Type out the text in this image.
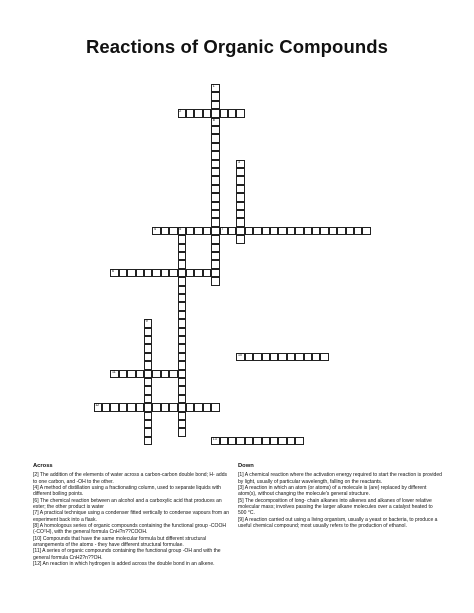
Reactions of Organic Compounds
1
8
2
3
4	5	7
6
9
10
11
12
13
Across

[2] The addition of the elements of water across a carbon-carbon double bond; H- adds to one carbon, and -OH to the other.

[4] A method of distillation using a fractionating column, used to separate liquids with different boiling points.

[6] The chemical reaction between an alcohol and a carboxylic acid that produces an ester; the other product is water

[7] A practical technique using a condenser fitted vertically to condense vapours from an experiment back into a flask.

[8] A homologous series of organic compounds containing the functional group -COOH (-COᵀH), with the general formula CnH?n??COOH.

[10] Compounds that have the same molecular formula but different structural arrangements of the atoms - they have different structural formulae.

[11] A series of organic compounds containing the functional group -OH and with the general formula CnH2?n??OH.

[12] An reaction in which hydrogen is added across the double bond in an alkene.

Down

[1] A chemical reaction where the activation energy required to start the reaction is provided by light, usually of particular wavelength, falling on the reactants.

[3] A reaction in which an atom (or atoms) of a molecule is (are) replaced by different atom(s), without changing the molecule's general structure.

[5] The decomposition of long- chain alkanes into alkenes and alkanes of lower relative molecular mass; involves passing the larger alkane molecules over a catalyst heated to 500 °C.

[9] A reaction carried out using a living organism, usually a yeast or bacteria, to produce a useful chemical compound; most usually refers to the production of ethanol.
